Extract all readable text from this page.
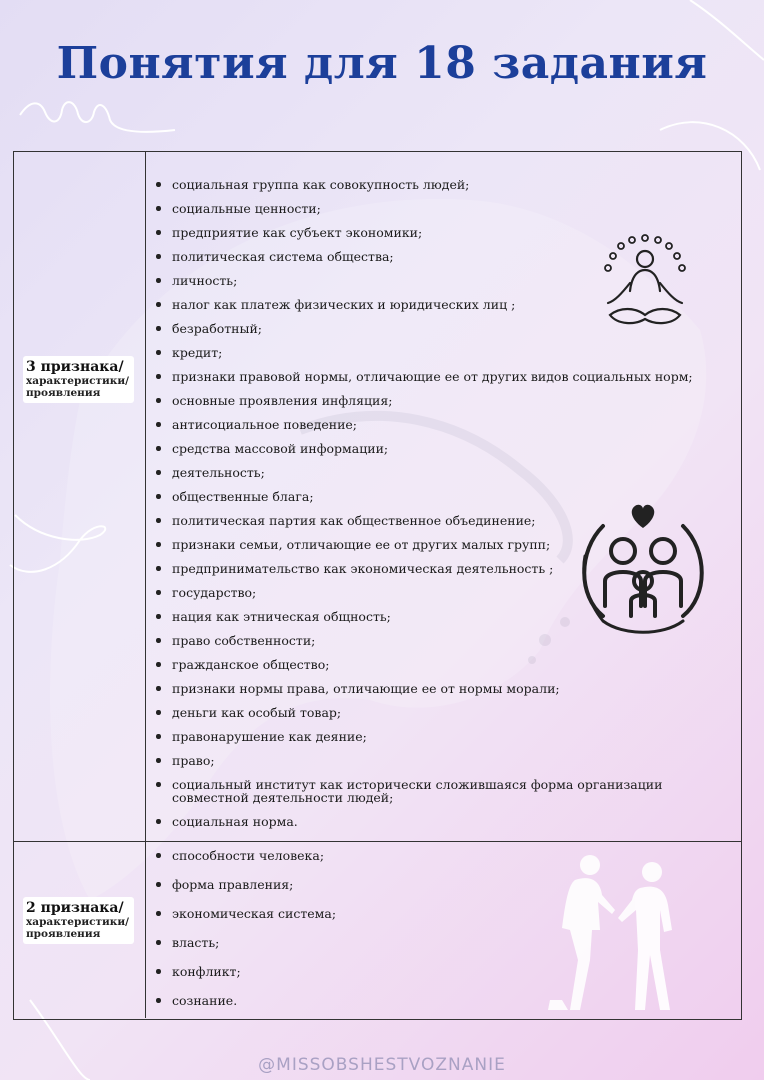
Понятия для 18 задания
3 признака/
характеристики/
проявления
2 признака/
характеристики/
проявления
социальная группа как совокупность людей;
социальные ценности;
предприятие как субъект экономики;
политическая система общества;
личность;
налог как платеж физических и юридических лиц ;
безработный;
кредит;
признаки правовой нормы, отличающие ее от других видов социальных норм;
основные проявления инфляция;
антисоциальное поведение;
средства массовой информации;
деятельность;
общественные блага;
политическая партия как общественное объединение;
признаки семьи, отличающие ее от других малых групп;
предпринимательство как экономическая деятельность ;
государство;
нация как этническая общность;
право собственности;
гражданское общество;
признаки нормы права, отличающие ее от нормы морали;
деньги как особый товар;
правонарушение как деяние;
право;
социальный институт как исторически сложившаяся форма организации совместной деятельности людей;
социальная норма.
способности человека;
форма правления;
экономическая система;
власть;
конфликт;
сознание.
@MISSOBSHESTVOZNANIE
